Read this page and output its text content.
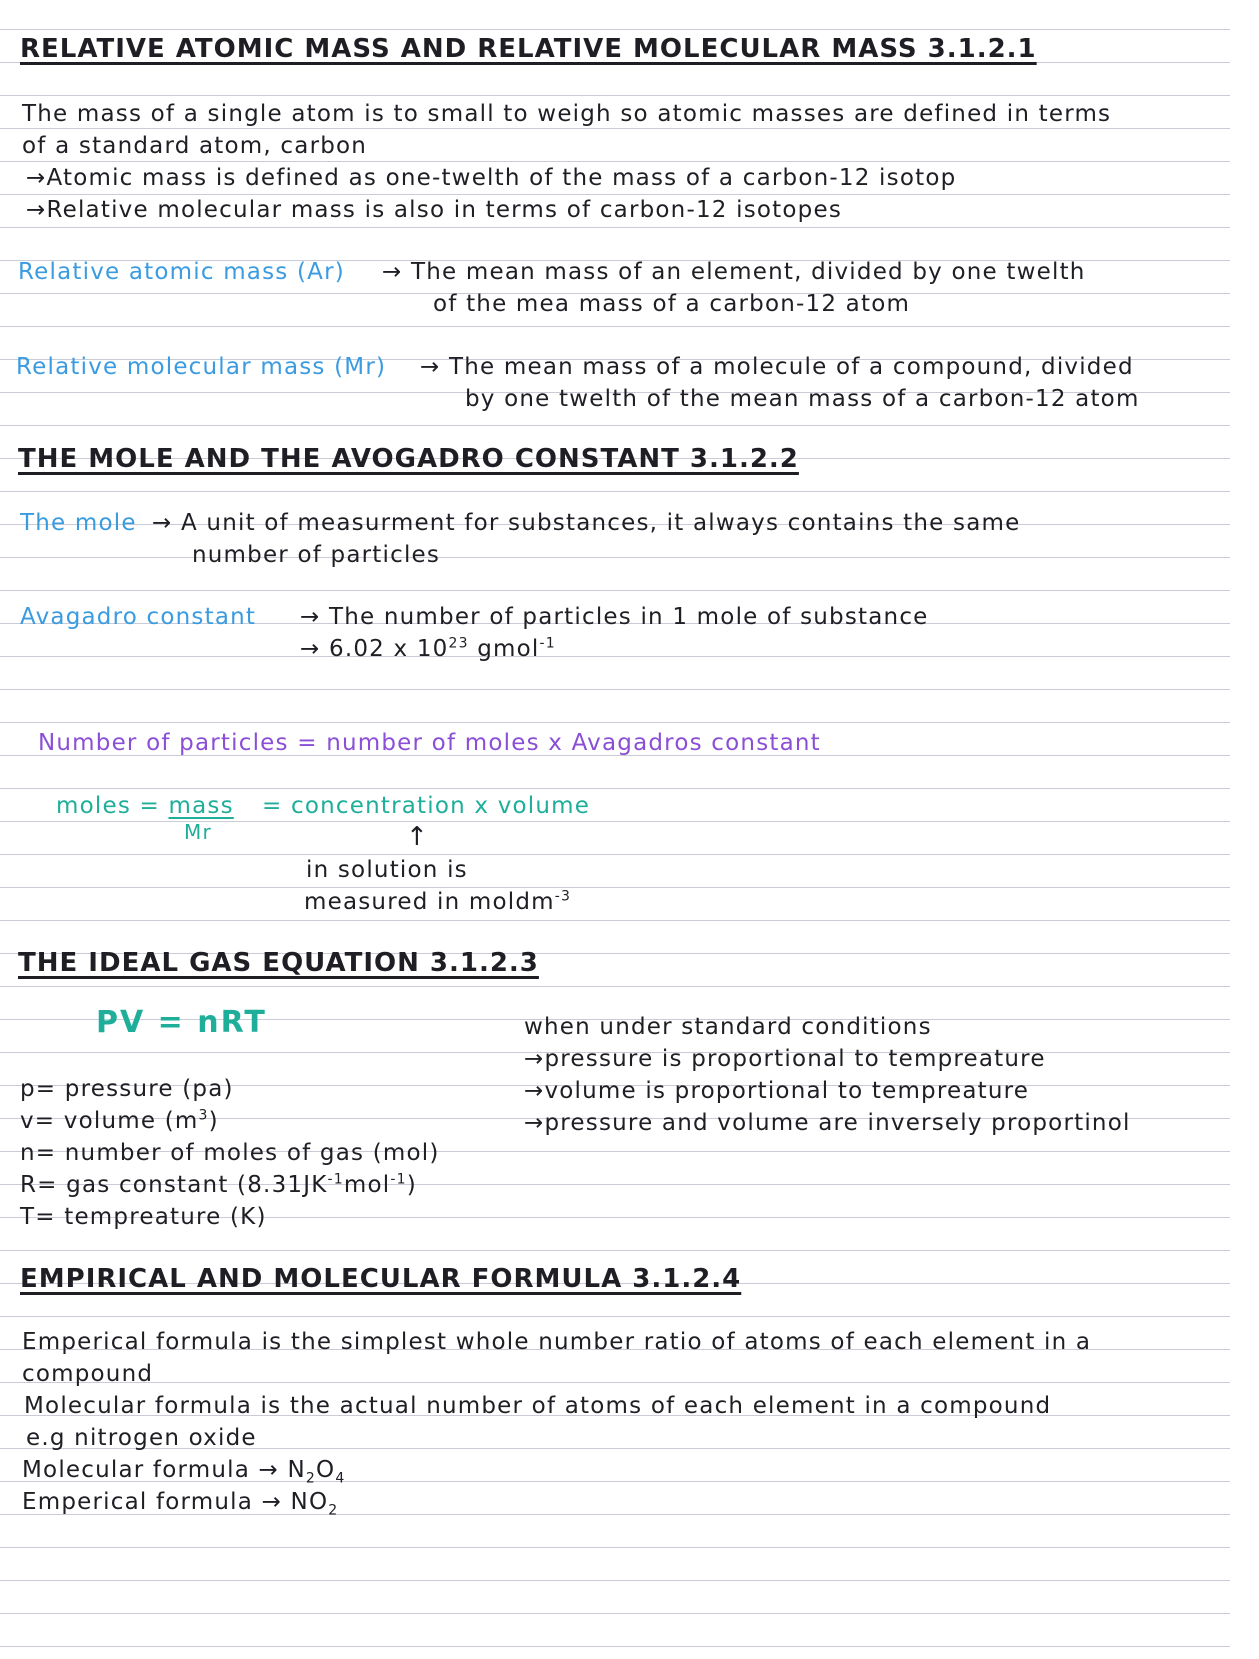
RELATIVE ATOMIC MASS AND RELATIVE MOLECULAR MASS 3.1.2.1
The mass of a single atom is to small to weigh so atomic masses are defined in terms
of a standard atom, carbon
→Atomic mass is defined as one-twelth of the mass of a carbon-12 isotop
→Relative molecular mass is also in terms of carbon-12 isotopes
Relative atomic mass (Ar) → The mean mass of an element, divided by one twelth
of the mea mass of a carbon-12 atom
Relative molecular mass (Mr) → The mean mass of a molecule of a compound, divided
by one twelth of the mean mass of a carbon-12 atom
THE MOLE AND THE AVOGADRO CONSTANT 3.1.2.2
The mole → A unit of measurment for substances, it always contains the same
number of particles
Avagadro constant → The number of particles in 1 mole of substance
→ 6.02 x $10^{23}$ gmol$^{-1}$
Number of particles = number of moles x Avagadros constant
moles = mass
Mr
= concentration x volume
↑
in solution is
measured in moldm$^{-3}$
THE IDEAL GAS EQUATION 3.1.2.3
PV = nRT	when under standard conditions
→pressure is proportional to tempreature
→volume is proportional to tempreature
→pressure and volume are inversely proportinol
p= pressure (pa)
v= volume $(m^3)$
n= number of moles of gas (mol)
R= gas constant $(8.31JK^{-1}mol^{-1})$
T= tempreature (K)
EMPIRICAL AND MOLECULAR FORMULA 3.1.2.4
Emperical formula is the simplest whole number ratio of atoms of each element in a
compound
Molecular formula is the actual number of atoms of each element in a compound
e.g nitrogen oxide
Molecular formula → $N_2O_4$
Emperical formula → $NO_2$
